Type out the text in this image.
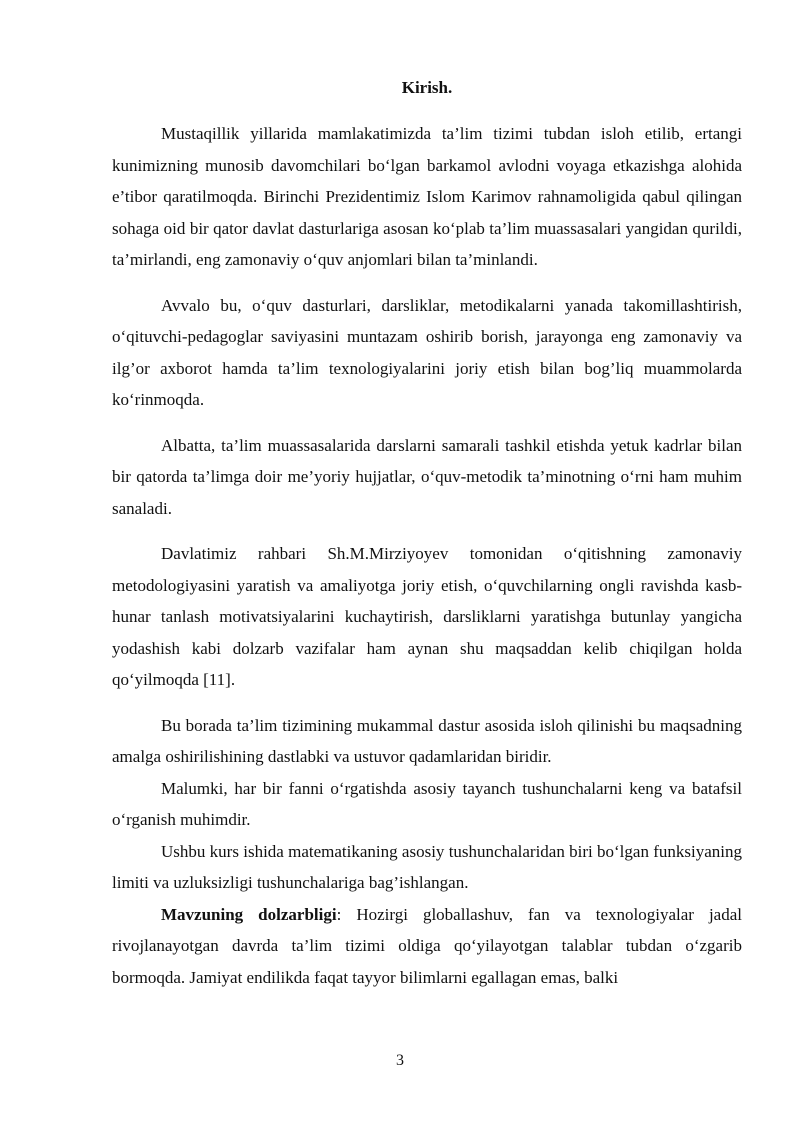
Kirish.

Mustaqillik yillarida mamlakatimizda ta’lim tizimi tubdan isloh etilib, ertangi kunimizning munosib davomchilari bo‘lgan barkamol avlodni voyaga etkazishga alohida e’tibor qaratilmoqda. Birinchi Prezidentimiz Islom Karimov rahnamoligida qabul qilingan sohaga oid bir qator davlat dasturlariga asosan ko‘plab ta’lim muassasalari yangidan qurildi, ta’mirlandi, eng zamonaviy o‘quv anjomlari bilan ta’minlandi.

Avvalo bu, o‘quv dasturlari, darsliklar, metodikalarni yanada takomillashtirish, o‘qituvchi-pedagoglar saviyasini muntazam oshirib borish, jarayonga eng zamonaviy va ilg’or axborot hamda ta’lim texnologiyalarini joriy etish bilan bog’liq muammolarda ko‘rinmoqda.

Albatta, ta’lim muassasalarida darslarni samarali tashkil etishda yetuk kadrlar bilan bir qatorda ta’limga doir me’yoriy hujjatlar, o‘quv-metodik ta’minotning o‘rni ham muhim sanaladi.

Davlatimiz rahbari Sh.M.Mirziyoyev tomonidan o‘qitishning zamonaviy metodologiyasini yaratish va amaliyotga joriy etish, o‘quvchilarning ongli ravishda kasb-hunar tanlash motivatsiyalarini kuchaytirish, darsliklarni yaratishga butunlay yangicha yodashish kabi dolzarb vazifalar ham aynan shu maqsaddan kelib chiqilgan holda qo‘yilmoqda [11].

Bu borada ta’lim tizimining mukammal dastur asosida isloh qilinishi bu maqsadning amalga oshirilishining dastlabki va ustuvor qadamlaridan biridir.

Malumki, har bir fanni o‘rgatishda asosiy tayanch tushunchalarni keng va batafsil o‘rganish muhimdir.

Ushbu kurs ishida matematikaning asosiy tushunchalaridan biri bo‘lgan funksiyaning limiti va uzluksizligi tushunchalariga bag’ishlangan.

Mavzuning dolzarbligi: Hozirgi globallashuv, fan va texnologiyalar jadal rivojlanayotgan davrda ta’lim tizimi oldiga qo‘yilayotgan talablar tubdan o‘zgarib bormoqda. Jamiyat endilikda faqat tayyor bilimlarni egallagan emas, balki

3
